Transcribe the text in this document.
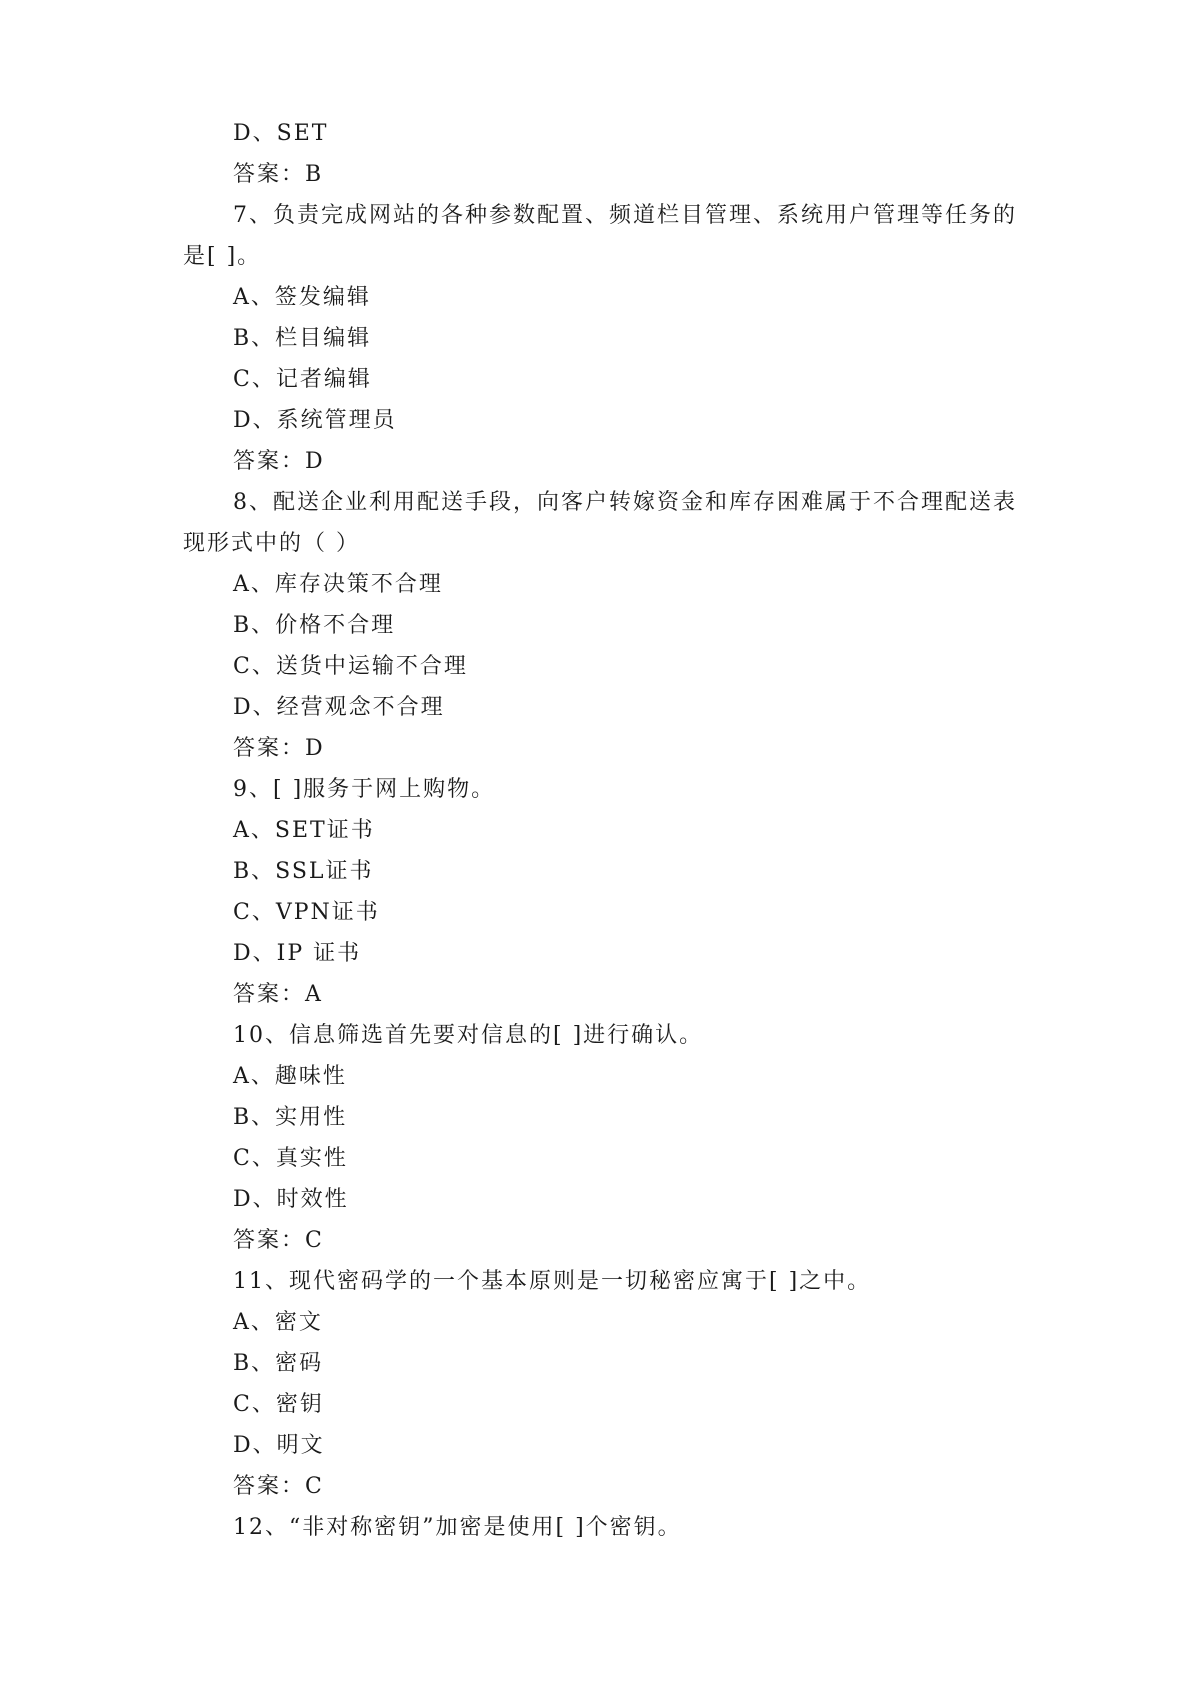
D、SET
答案：B
7、负责完成网站的各种参数配置、频道栏目管理、系统用户管理等任务的
是[ ]。
A、签发编辑
B、栏目编辑
C、记者编辑
D、系统管理员
答案：D
8、配送企业利用配送手段，向客户转嫁资金和库存困难属于不合理配送表
现形式中的（ ）
A、库存决策不合理
B、价格不合理
C、送货中运输不合理
D、经营观念不合理
答案：D
9、[ ]服务于网上购物。
A、SET证书
B、SSL证书
C、VPN证书
D、IP 证书
答案：A
10、信息筛选首先要对信息的[ ]进行确认。
A、趣味性
B、实用性
C、真实性
D、时效性
答案：C
11、现代密码学的一个基本原则是一切秘密应寓于[ ]之中。
A、密文
B、密码
C、密钥
D、明文
答案：C
12、“非对称密钥”加密是使用[ ]个密钥。
